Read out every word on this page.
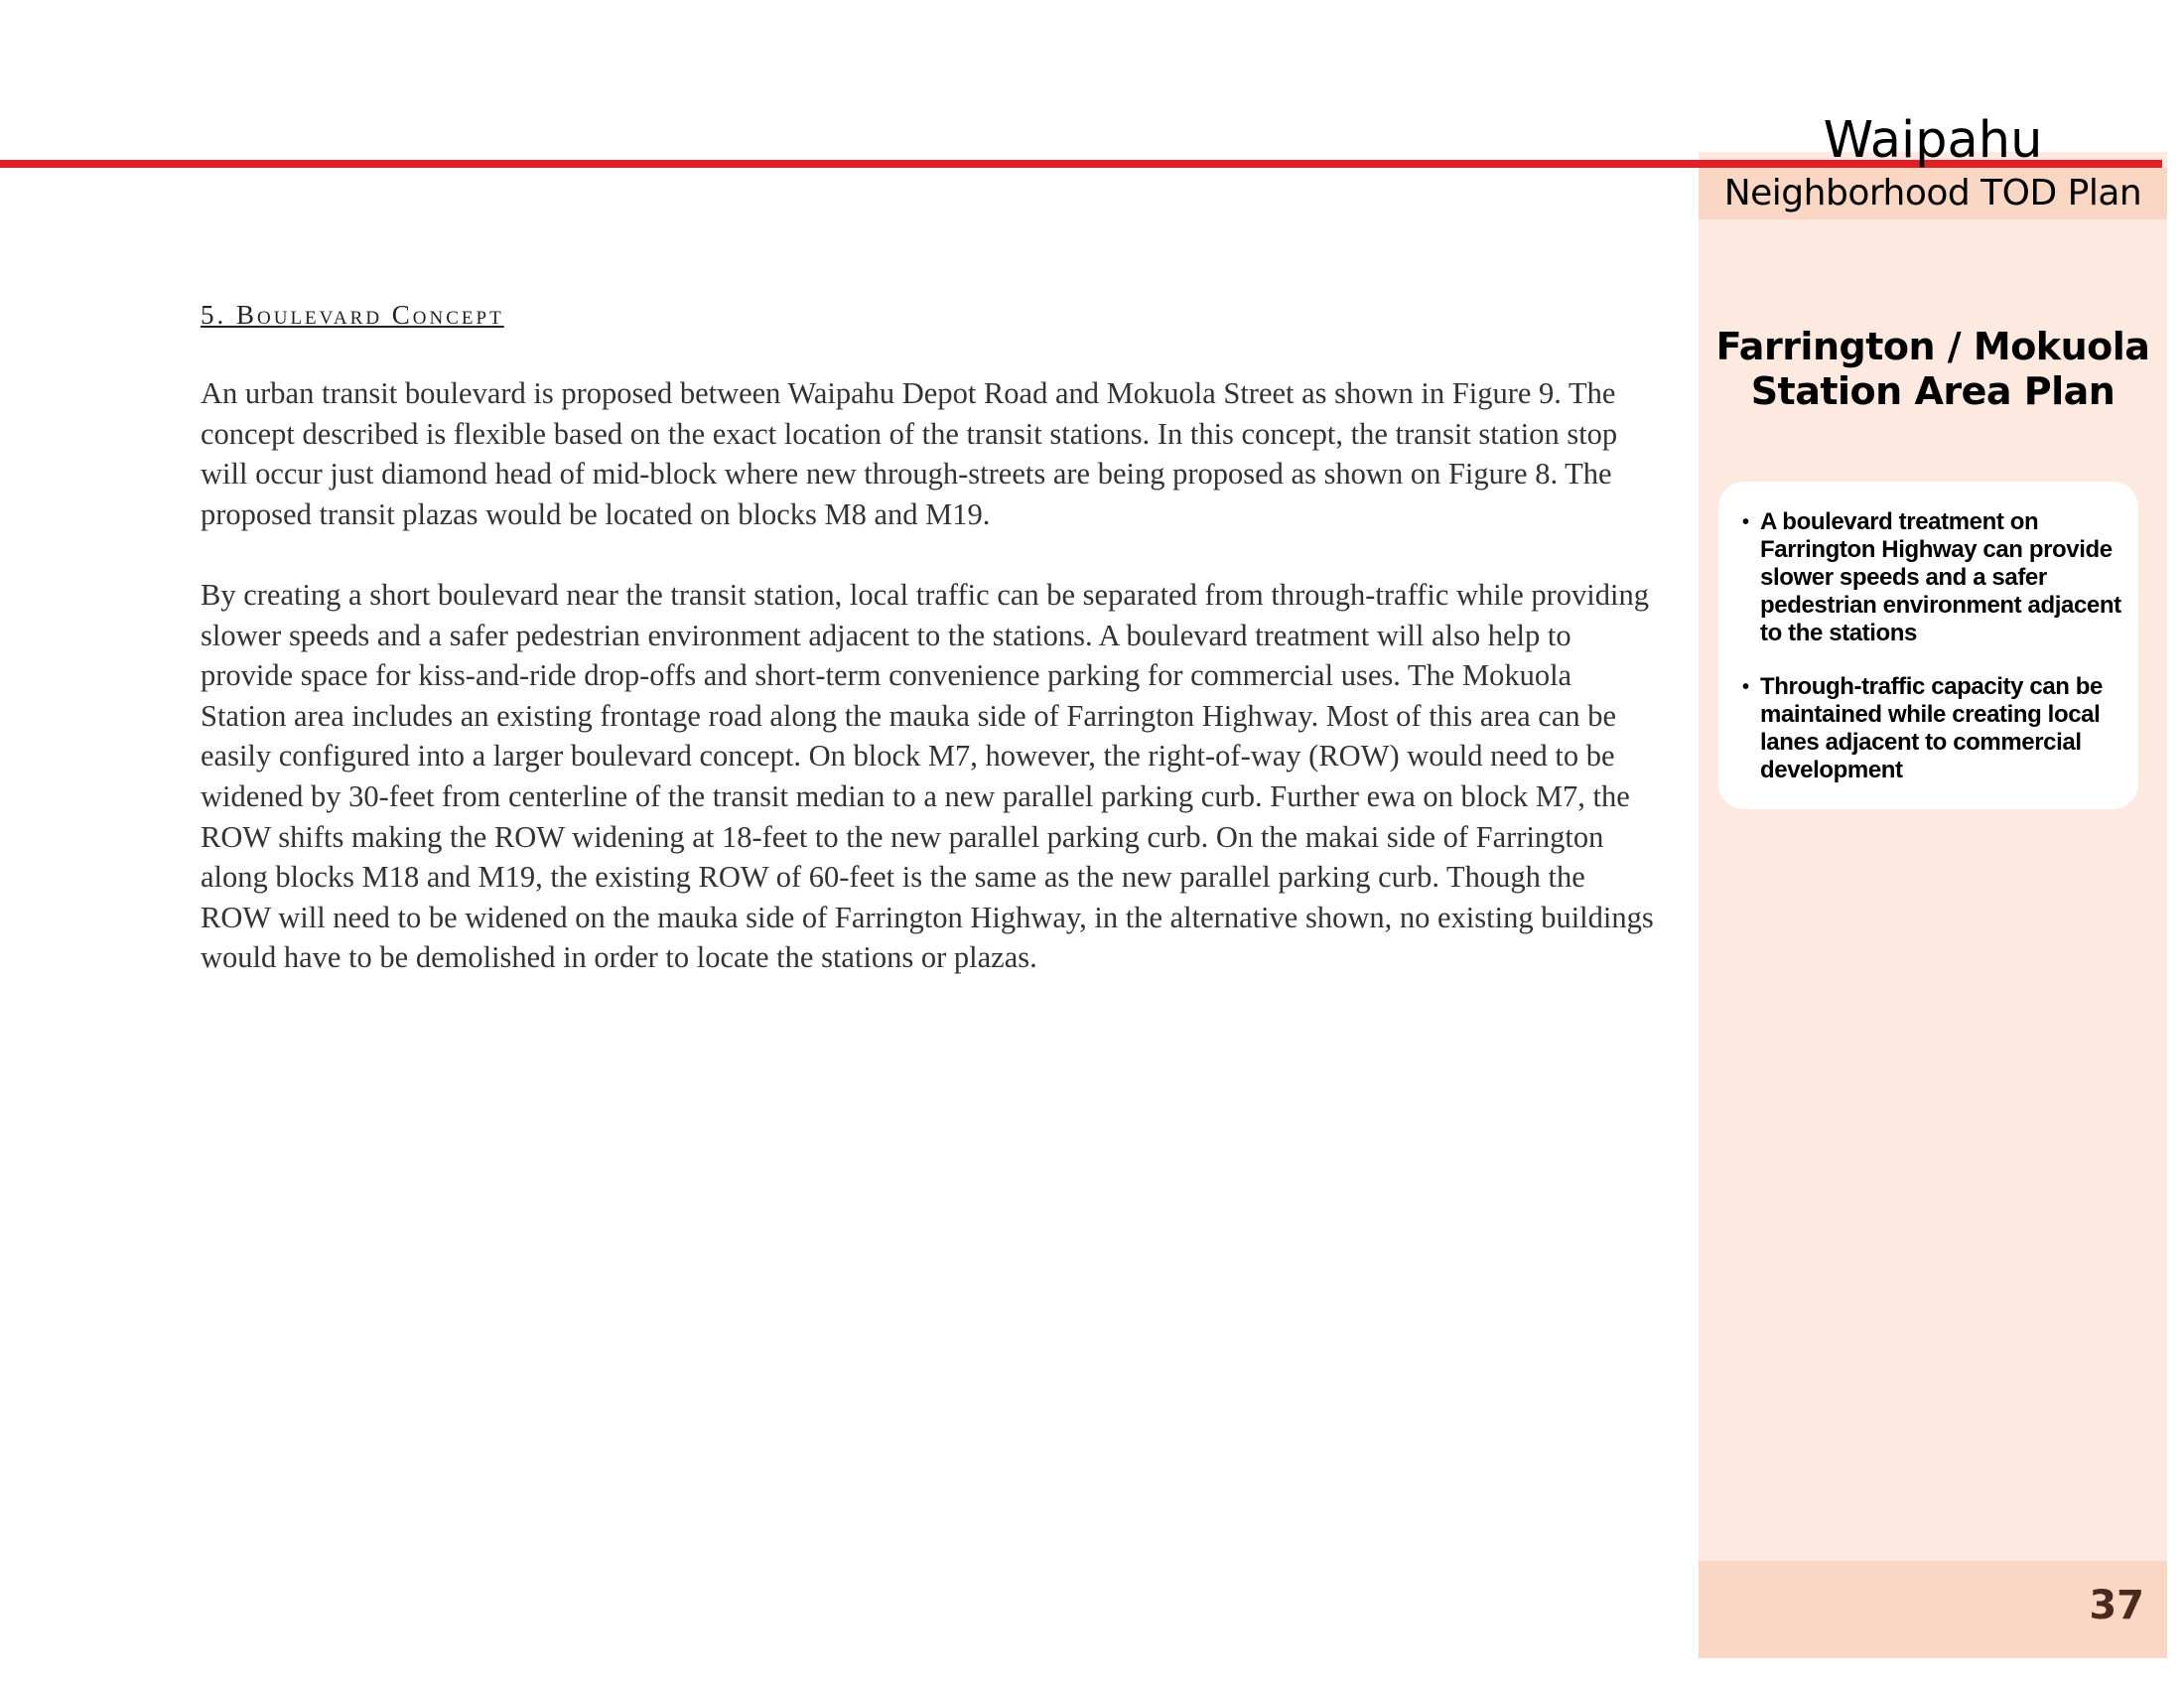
Waipahu
Neighborhood TOD Plan
Farrington / Mokuola
Station Area Plan
• A boulevard treatment on Farrington Highway can provide slower speeds and a safer pedestrian environment adjacent to the stations
• Through-traffic capacity can be maintained while creating local lanes adjacent to commercial development
5. Boulevard Concept

An urban transit boulevard is proposed between Waipahu Depot Road and Mokuola Street as shown in Figure 9. The concept described is flexible based on the exact location of the transit stations. In this concept, the transit station stop will occur just diamond head of mid-block where new through-streets are being proposed as shown on Figure 8. The proposed transit plazas would be located on blocks M8 and M19.

By creating a short boulevard near the transit station, local traffic can be separated from through-traffic while providing slower speeds and a safer pedestrian environment adjacent to the stations. A boulevard treatment will also help to provide space for kiss-and-ride drop-offs and short-term convenience parking for commercial uses. The Mokuola Station area includes an existing frontage road along the mauka side of Farrington Highway. Most of this area can be easily configured into a larger boulevard concept. On block M7, however, the right-of-way (ROW) would need to be widened by 30-feet from centerline of the transit median to a new parallel parking curb. Further ewa on block M7, the ROW shifts making the ROW widening at 18-feet to the new parallel parking curb. On the makai side of Farrington along blocks M18 and M19, the existing ROW of 60-feet is the same as the new parallel parking curb. Though the ROW will need to be widened on the mauka side of Farrington Highway, in the alternative shown, no existing buildings would have to be demolished in order to locate the stations or plazas.

37
